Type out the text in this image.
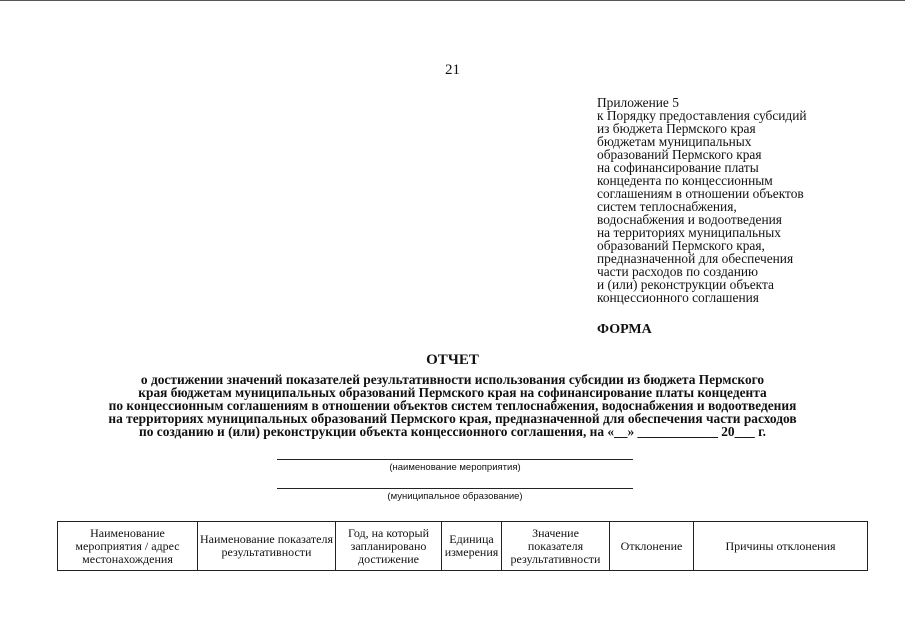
21
Приложение 5
к Порядку предоставления субсидий
из бюджета Пермского края
бюджетам муниципальных
образований Пермского края
на софинансирование платы
концедента по концессионным
соглашениям в отношении объектов
систем теплоснабжения,
водоснабжения и водоотведения
на территориях муниципальных
образований Пермского края,
предназначенной для обеспечения
части расходов по созданию
и (или) реконструкции объекта
концессионного соглашения
ФОРМА
ОТЧЕТ
о достижении значений показателей результативности использования субсидии из бюджета Пермского
края бюджетам муниципальных образований Пермского края на софинансирование платы концедента
по концессионным соглашениям в отношении объектов систем теплоснабжения, водоснабжения и водоотведения
на территориях муниципальных образований Пермского края, предназначенной для обеспечения части расходов
по созданию и (или) реконструкции объекта концессионного соглашения, на «__» ____________ 20___ г.
(наименование мероприятия)
(муниципальное образование)
Наименование мероприятия / адрес местонахождения	Наименование показателя результативности	Год, на который запланировано достижение	Единица измерения	Значение показателя результативности	Отклонение	Причины отклонения
